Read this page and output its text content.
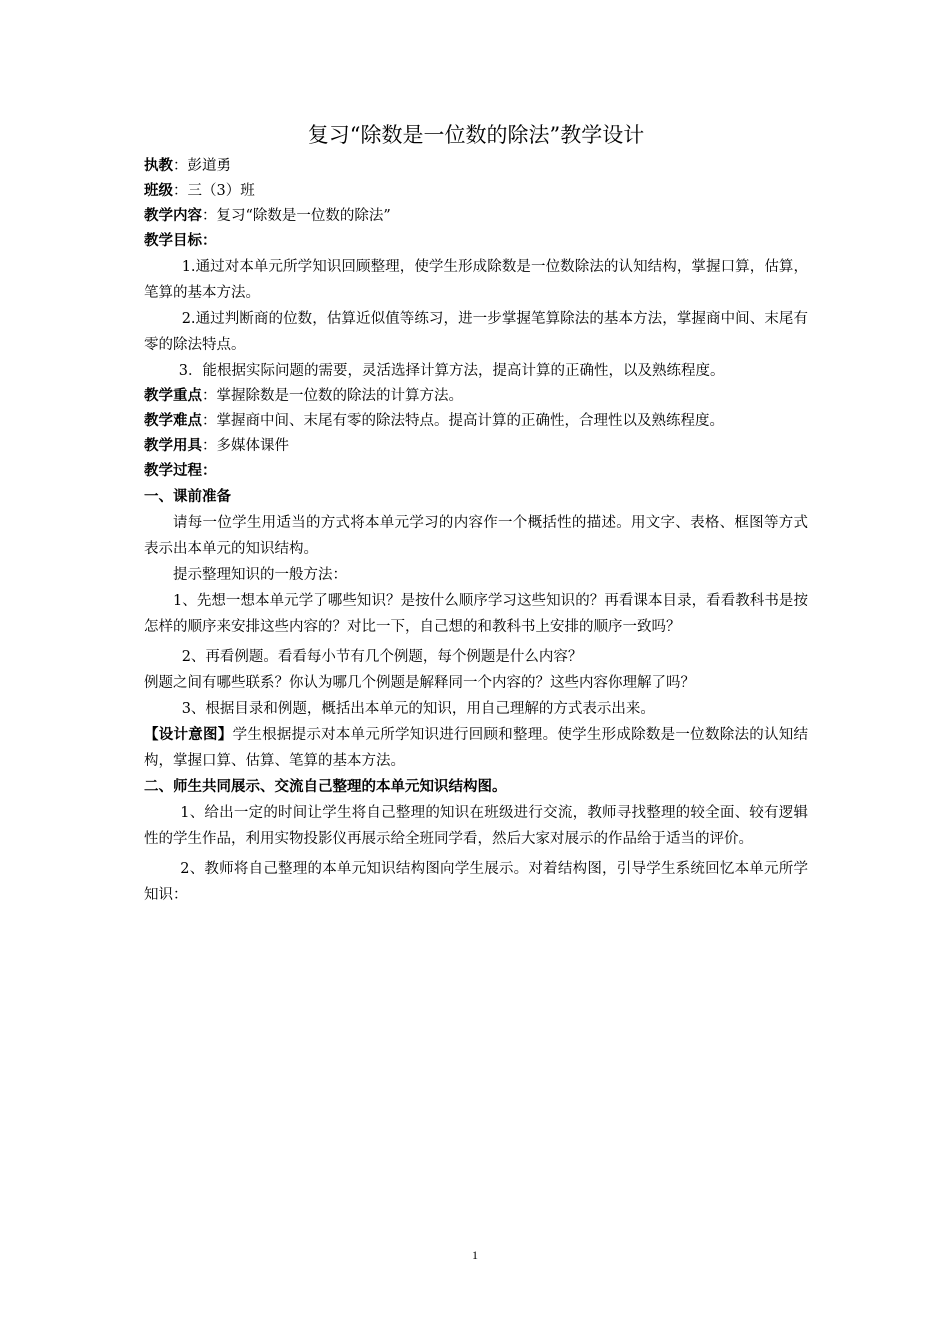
复习“除数是一位数的除法”教学设计

执教：彭道勇

班级：三（3）班

教学内容：复习“除数是一位数的除法”

教学目标：

1.通过对本单元所学知识回顾整理，使学生形成除数是一位数除法的认知结构，掌握口算，估算，笔算的基本方法。

2.通过判断商的位数，估算近似值等练习，进一步掌握笔算除法的基本方法，掌握商中间、末尾有零的除法特点。

3．能根据实际问题的需要，灵活选择计算方法，提高计算的正确性，以及熟练程度。

教学重点：掌握除数是一位数的除法的计算方法。

教学难点：掌握商中间、末尾有零的除法特点。提高计算的正确性，合理性以及熟练程度。

教学用具：多媒体课件

教学过程：

一、课前准备

请每一位学生用适当的方式将本单元学习的内容作一个概括性的描述。用文字、表格、框图等方式表示出本单元的知识结构。

提示整理知识的一般方法：

1、先想一想本单元学了哪些知识？是按什么顺序学习这些知识的？再看课本目录，看看教科书是按怎样的顺序来安排这些内容的？对比一下，自己想的和教科书上安排的顺序一致吗？

2、再看例题。看看每小节有几个例题，每个例题是什么内容？

例题之间有哪些联系？你认为哪几个例题是解释同一个内容的？这些内容你理解了吗？

3、根据目录和例题，概括出本单元的知识，用自己理解的方式表示出来。

【设计意图】学生根据提示对本单元所学知识进行回顾和整理。使学生形成除数是一位数除法的认知结构，掌握口算、估算、笔算的基本方法。

二、师生共同展示、交流自己整理的本单元知识结构图。

1、给出一定的时间让学生将自己整理的知识在班级进行交流，教师寻找整理的较全面、较有逻辑性的学生作品，利用实物投影仪再展示给全班同学看，然后大家对展示的作品给于适当的评价。

2、教师将自己整理的本单元知识结构图向学生展示。对着结构图，引导学生系统回忆本单元所学知识：

1
